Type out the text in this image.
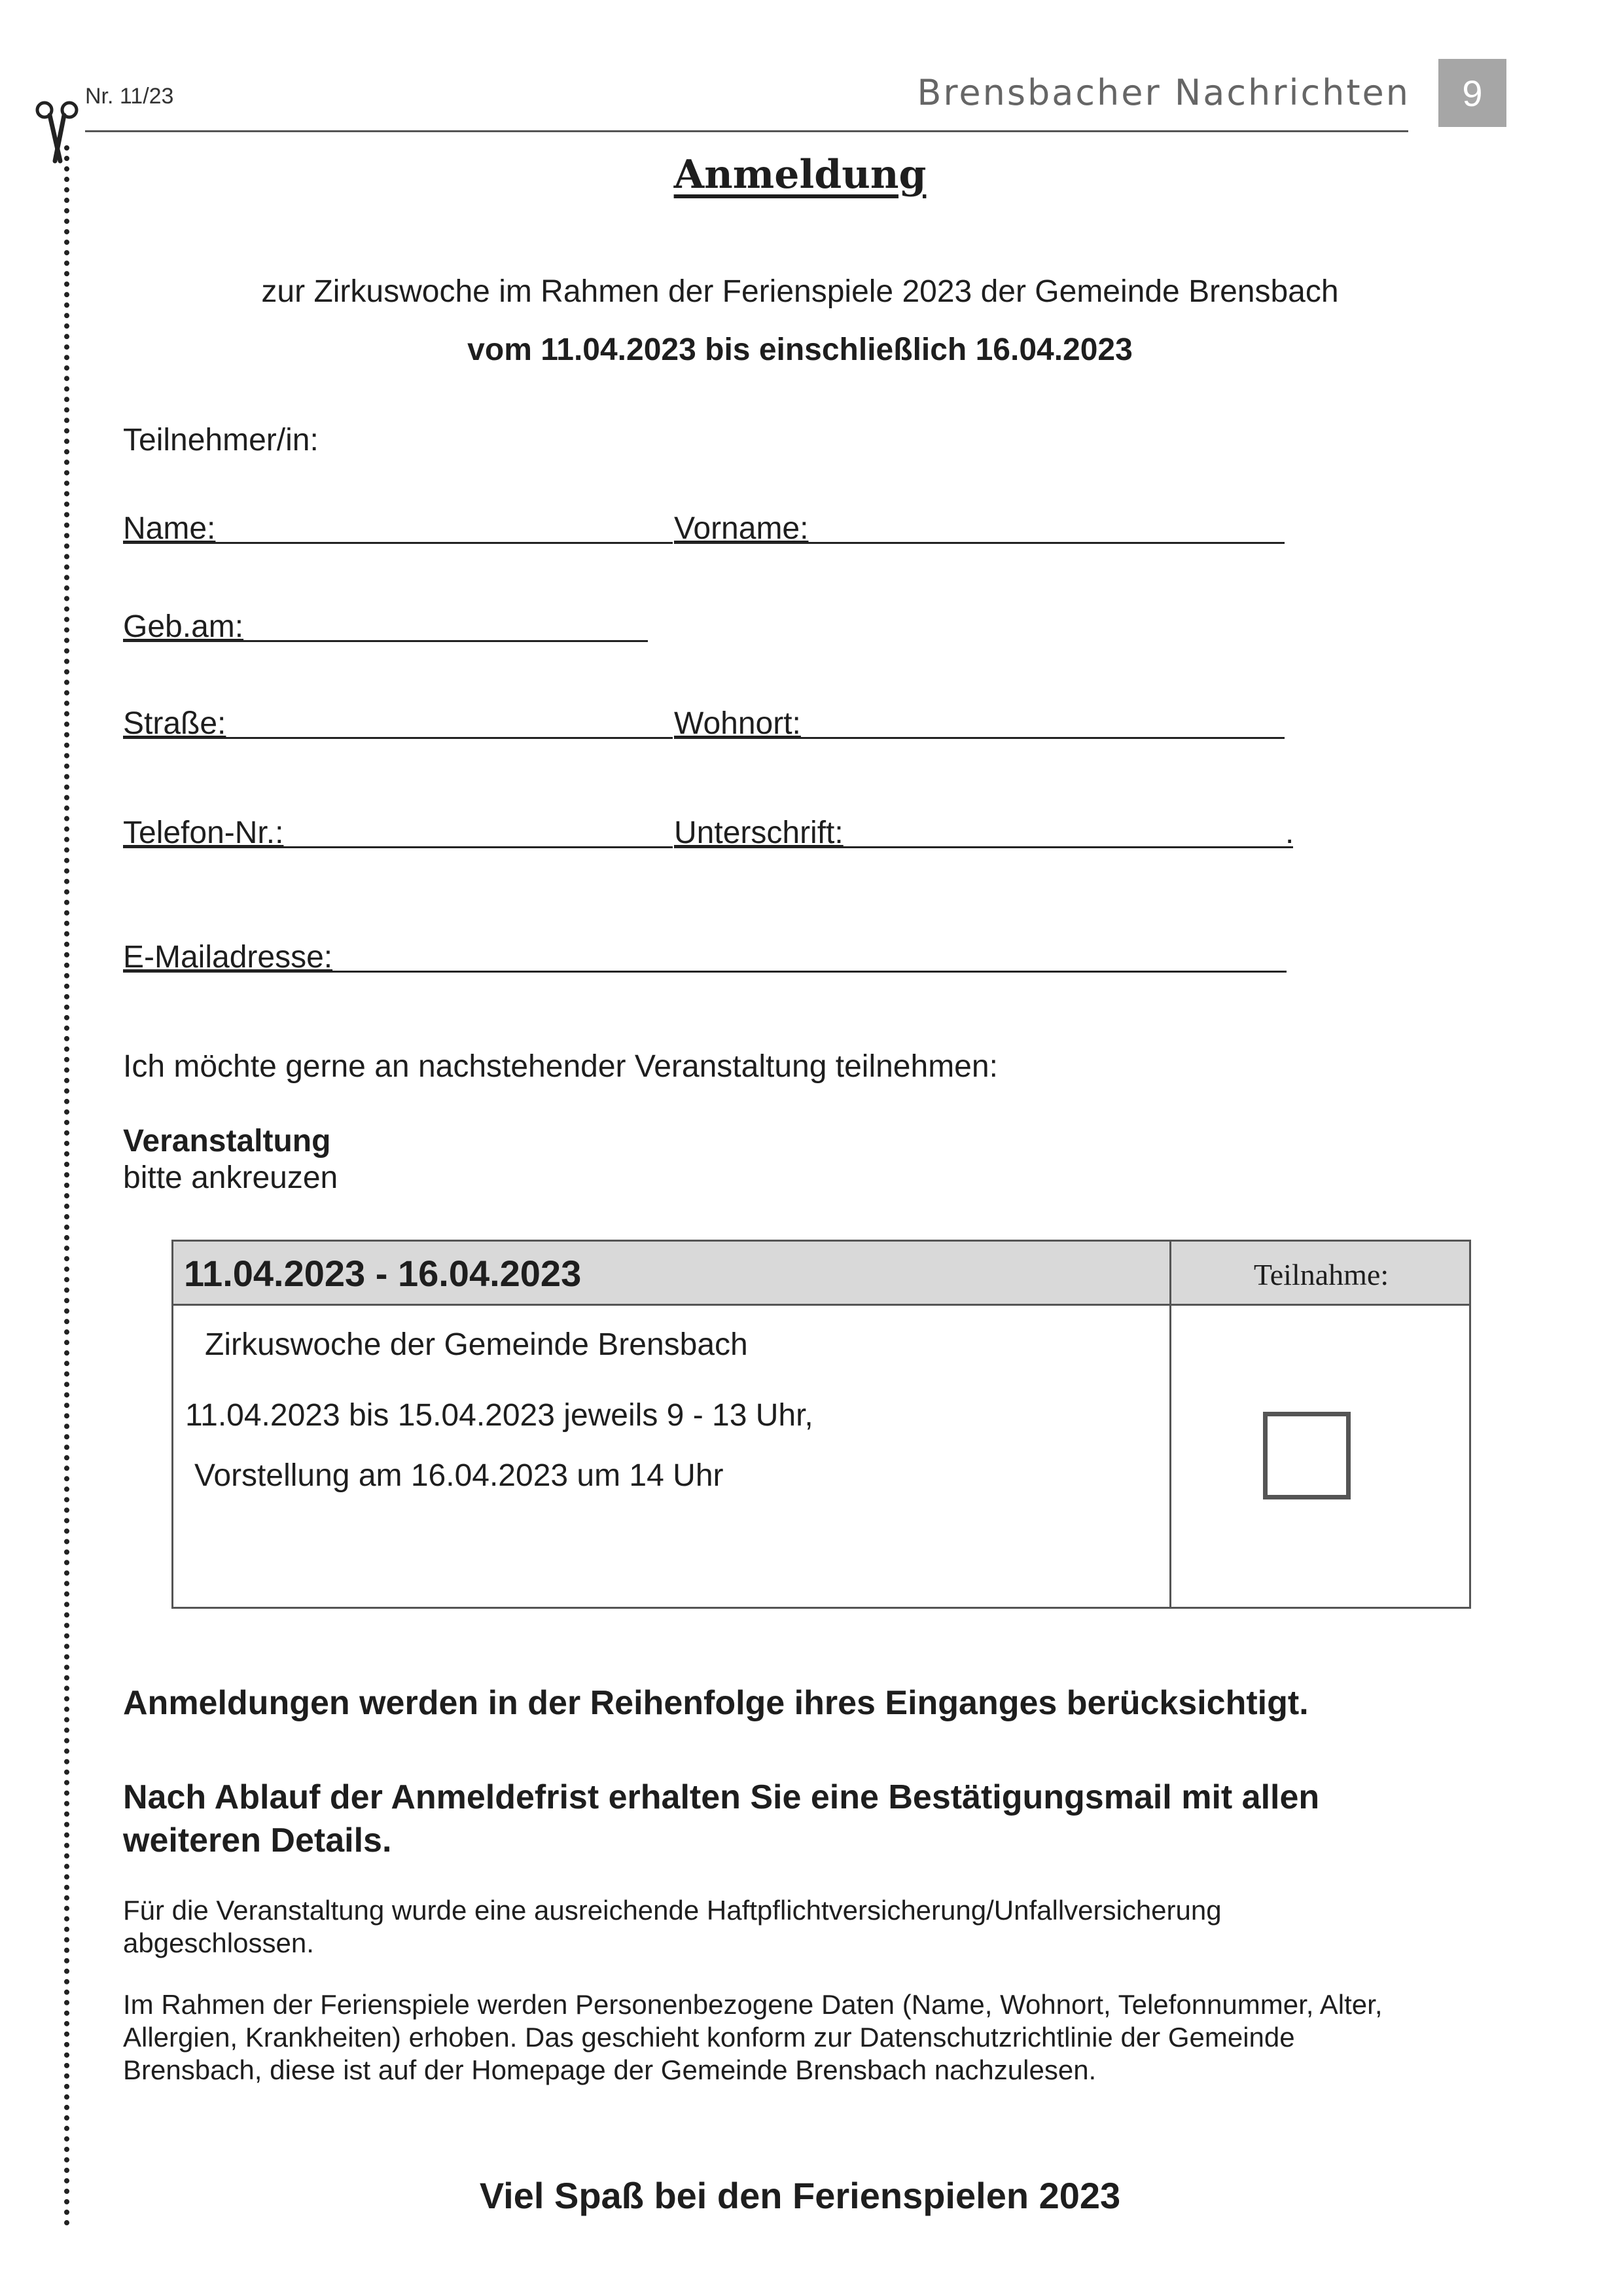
Nr. 11/23	Brensbacher Nachrichten	9
Anmeldung
zur Zirkuswoche im Rahmen der Ferienspiele 2023 der Gemeinde Brensbach
vom 11.04.2023 bis einschließlich 16.04.2023
Teilnehmer/in:
Name:	Vorname:
Geb.am:
Straße:	Wohnort:
Telefon-Nr.:	Unterschrift:	.
E-Mailadresse:
Ich möchte gerne an nachstehender Veranstaltung teilnehmen:
Veranstaltung
bitte ankreuzen
11.04.2023 - 16.04.2023	Teilnahme:
Zirkuswoche der Gemeinde Brensbach
11.04.2023 bis 15.04.2023 jeweils 9 - 13 Uhr,
Vorstellung am 16.04.2023 um 14 Uhr
Anmeldungen werden in der Reihenfolge ihres Einganges berücksichtigt.
Nach Ablauf der Anmeldefrist erhalten Sie eine Bestätigungsmail mit allen
weiteren Details.
Für die Veranstaltung wurde eine ausreichende Haftpflichtversicherung/Unfallversicherung
abgeschlossen.
Im Rahmen der Ferienspiele werden Personenbezogene Daten (Name, Wohnort, Telefonnummer, Alter,
Allergien, Krankheiten) erhoben. Das geschieht konform zur Datenschutzrichtlinie der Gemeinde
Brensbach, diese ist auf der Homepage der Gemeinde Brensbach nachzulesen.
Viel Spaß bei den Ferienspielen 2023
